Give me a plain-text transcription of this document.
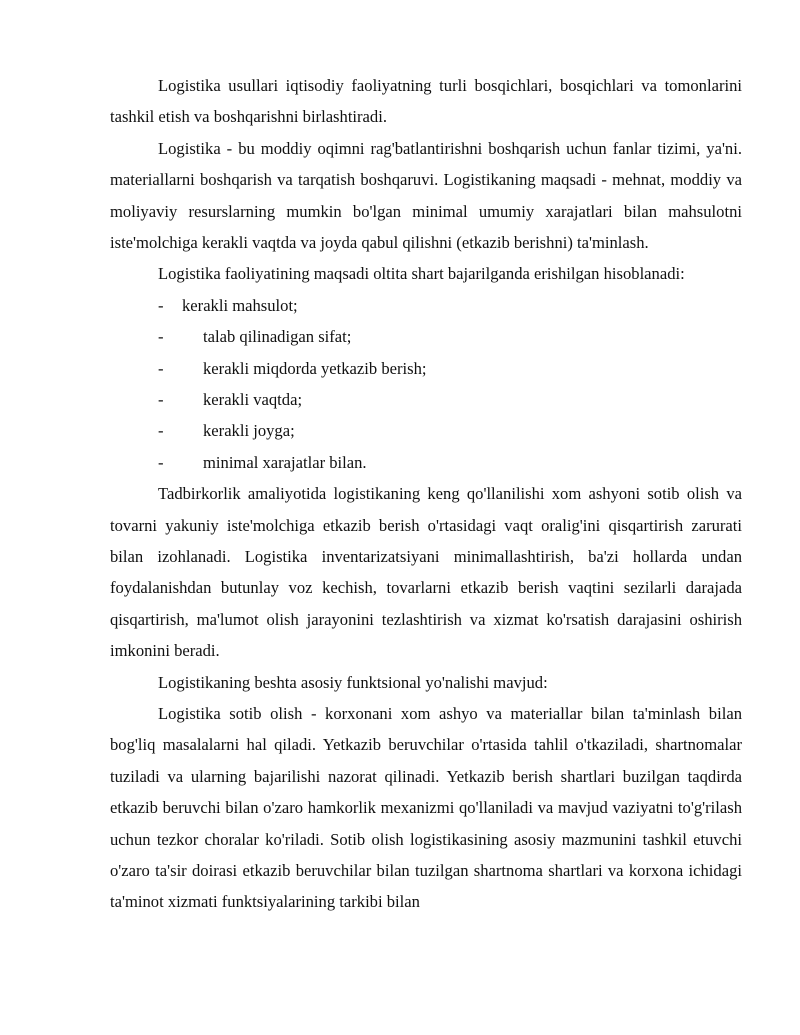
Logistika usullari iqtisodiy faoliyatning turli bosqichlari, bosqichlari va tomonlarini tashkil etish va boshqarishni birlashtiradi.

Logistika - bu moddiy oqimni rag'batlantirishni boshqarish uchun fanlar tizimi, ya'ni. materiallarni boshqarish va tarqatish boshqaruvi. Logistikaning maqsadi - mehnat, moddiy va moliyaviy resurslarning mumkin bo'lgan minimal umumiy xarajatlari bilan mahsulotni iste'molchiga kerakli vaqtda va joyda qabul qilishni (etkazib berishni) ta'minlash.

Logistika faoliyatining maqsadi oltita shart bajarilganda erishilgan hisoblanadi:

- kerakli mahsulot;
- talab qilinadigan sifat;
- kerakli miqdorda yetkazib berish;
- kerakli vaqtda;
- kerakli joyga;
- minimal xarajatlar bilan.

Tadbirkorlik amaliyotida logistikaning keng qo'llanilishi xom ashyoni sotib olish va tovarni yakuniy iste'molchiga etkazib berish o'rtasidagi vaqt oralig'ini qisqartirish zarurati bilan izohlanadi. Logistika inventarizatsiyani minimallashtirish, ba'zi hollarda undan foydalanishdan butunlay voz kechish, tovarlarni etkazib berish vaqtini sezilarli darajada qisqartirish, ma'lumot olish jarayonini tezlashtirish va xizmat ko'rsatish darajasini oshirish imkonini beradi.

Logistikaning beshta asosiy funktsional yo'nalishi mavjud:

Logistika sotib olish - korxonani xom ashyo va materiallar bilan ta'minlash bilan bog'liq masalalarni hal qiladi. Yetkazib beruvchilar o'rtasida tahlil o'tkaziladi, shartnomalar tuziladi va ularning bajarilishi nazorat qilinadi. Yetkazib berish shartlari buzilgan taqdirda etkazib beruvchi bilan o'zaro hamkorlik mexanizmi qo'llaniladi va mavjud vaziyatni to'g'rilash uchun tezkor choralar ko'riladi. Sotib olish logistikasining asosiy mazmunini tashkil etuvchi o'zaro ta'sir doirasi etkazib beruvchilar bilan tuzilgan shartnoma shartlari va korxona ichidagi ta'minot xizmati funktsiyalarining tarkibi bilan
